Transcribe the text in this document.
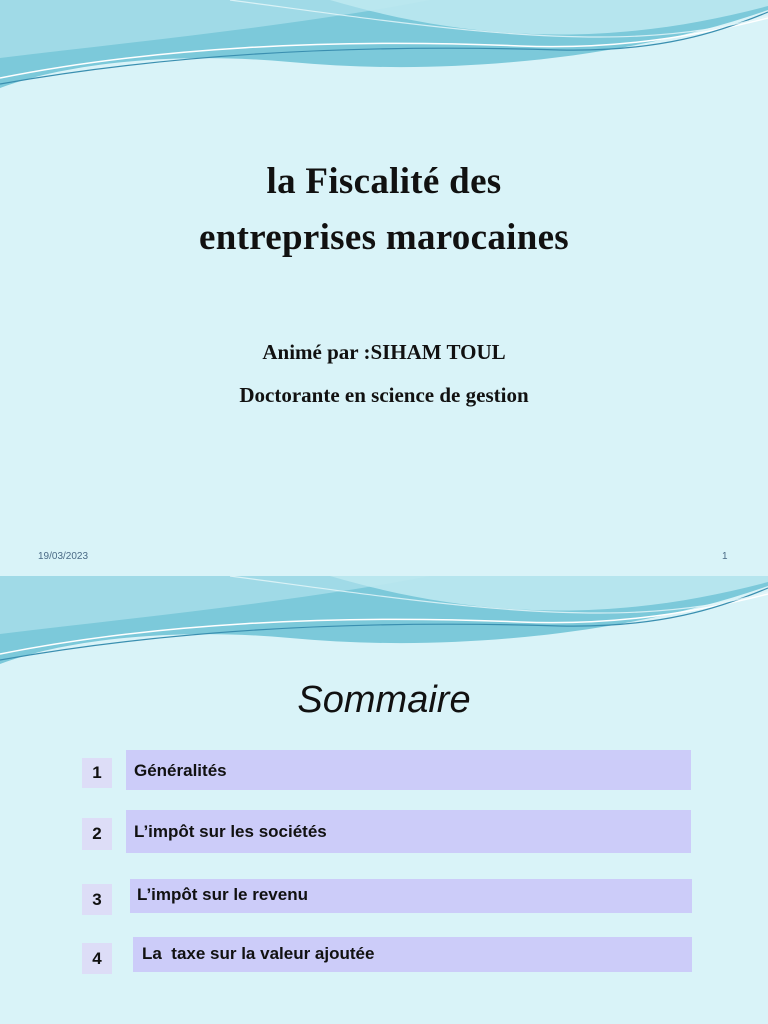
la Fiscalité des
entreprises marocaines
Animé par :SIHAM TOUL
Doctorante en science de gestion
19/03/2023	1
Sommaire
1	Généralités
2	L’impôt sur les sociétés
3	L’impôt sur le revenu
4	La  taxe sur la valeur ajoutée
